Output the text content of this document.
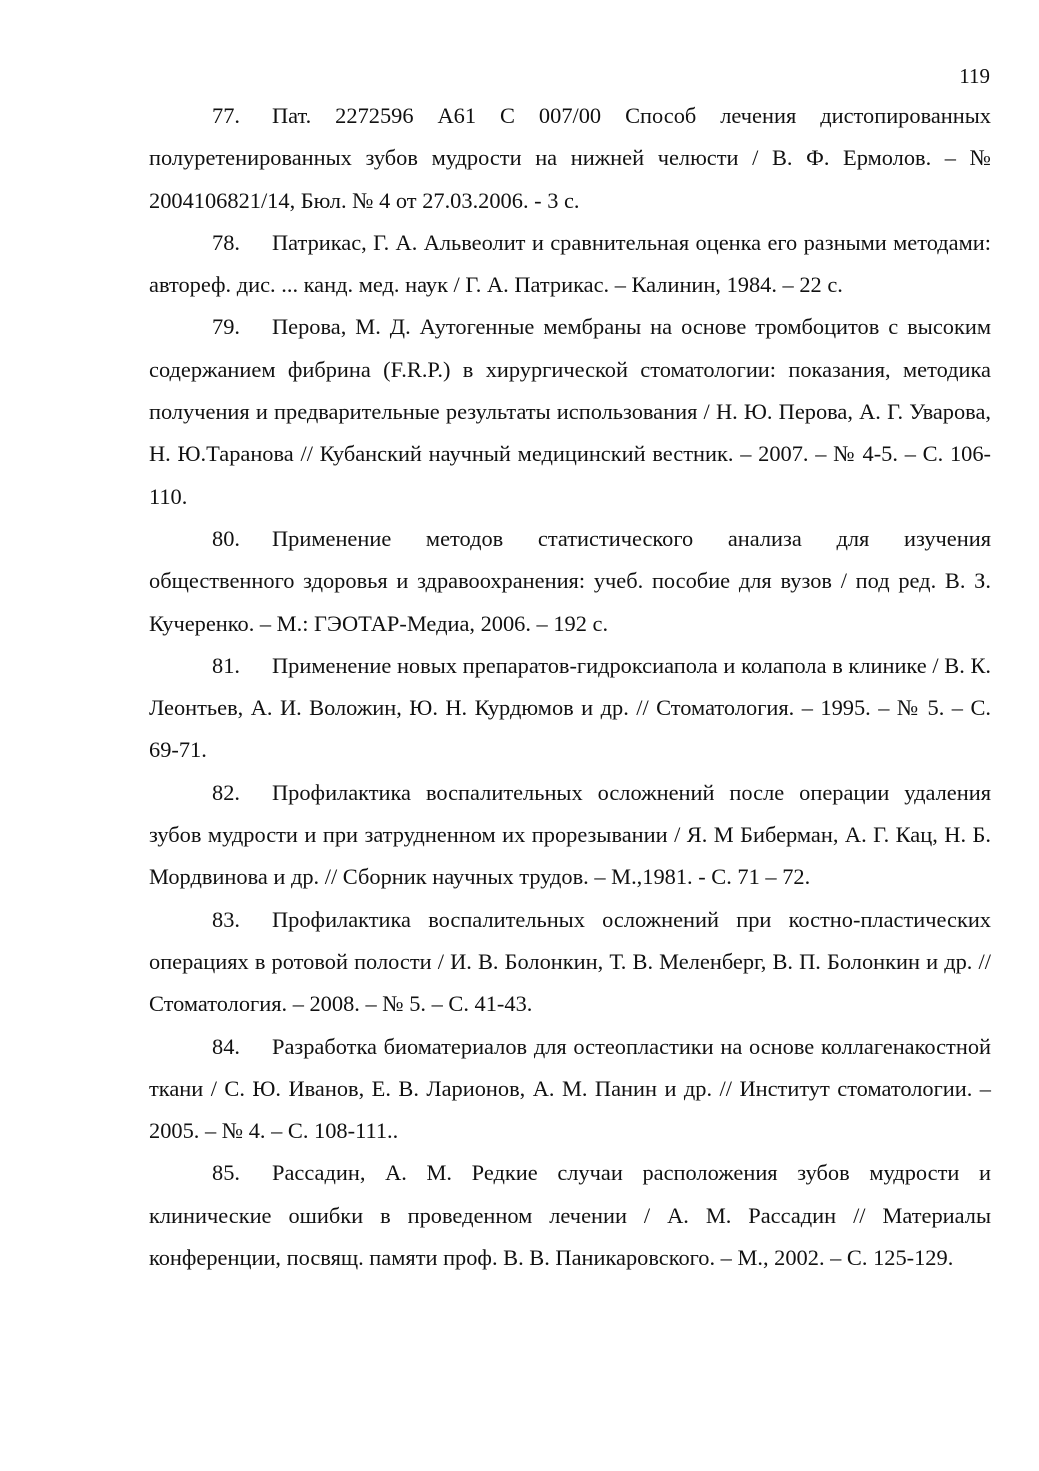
119

77. Пат. 2272596 A61 C 007/00 Способ лечения дистопированных полуретенированных зубов мудрости на нижней челюсти / В. Ф. Ермолов. – № 2004106821/14, Бюл. № 4 от 27.03.2006. - 3 с.

78. Патрикас, Г. А. Альвеолит и сравнительная оценка его разными методами: автореф. дис. ... канд. мед. наук / Г. А. Патрикас. – Калинин, 1984. – 22 с.

79. Перова, М. Д. Аутогенные мембраны на основе тромбоцитов с высоким содержанием фибрина (F.R.P.) в хирургической стоматологии: показания, методика получения и предварительные результаты использования / Н. Ю. Перова, А. Г. Уварова, Н. Ю.Таранова // Кубанский научный медицинский вестник. – 2007. – № 4-5. – С. 106-110.

80. Применение методов статистического анализа для изучения общественного здоровья и здравоохранения: учеб. пособие для вузов / под ред. В. З. Кучеренко. – М.: ГЭОТАР-Медиа, 2006. – 192 с.

81. Применение новых препаратов-гидроксиапола и колапола в клинике / В. К. Леонтьев, А. И. Воложин, Ю. Н. Курдюмов и др. // Стоматология. – 1995. – № 5. – С. 69-71.

82. Профилактика воспалительных осложнений после операции удаления зубов мудрости и при затрудненном их прорезывании / Я. М Биберман, А. Г. Кац, Н. Б. Мордвинова и др. // Сборник научных трудов. – М.,1981. - С. 71 – 72.

83. Профилактика воспалительных осложнений при костно-пластических операциях в ротовой полости / И. В. Болонкин, Т. В. Меленберг, В. П. Болонкин и др. // Стоматология. – 2008. – № 5. – С. 41-43.

84. Разработка биоматериалов для остеопластики на основе коллагенакостной ткани / С. Ю. Иванов, Е. В. Ларионов, А. М. Панин и др. // Институт стоматологии. – 2005. – № 4. – С. 108-111..

85. Рассадин, А. М. Редкие случаи расположения зубов мудрости и клинические ошибки в проведенном лечении / А. М. Рассадин // Материалы конференции, посвящ. памяти проф. В. В. Паникаровского. – М., 2002. – С. 125-129.
